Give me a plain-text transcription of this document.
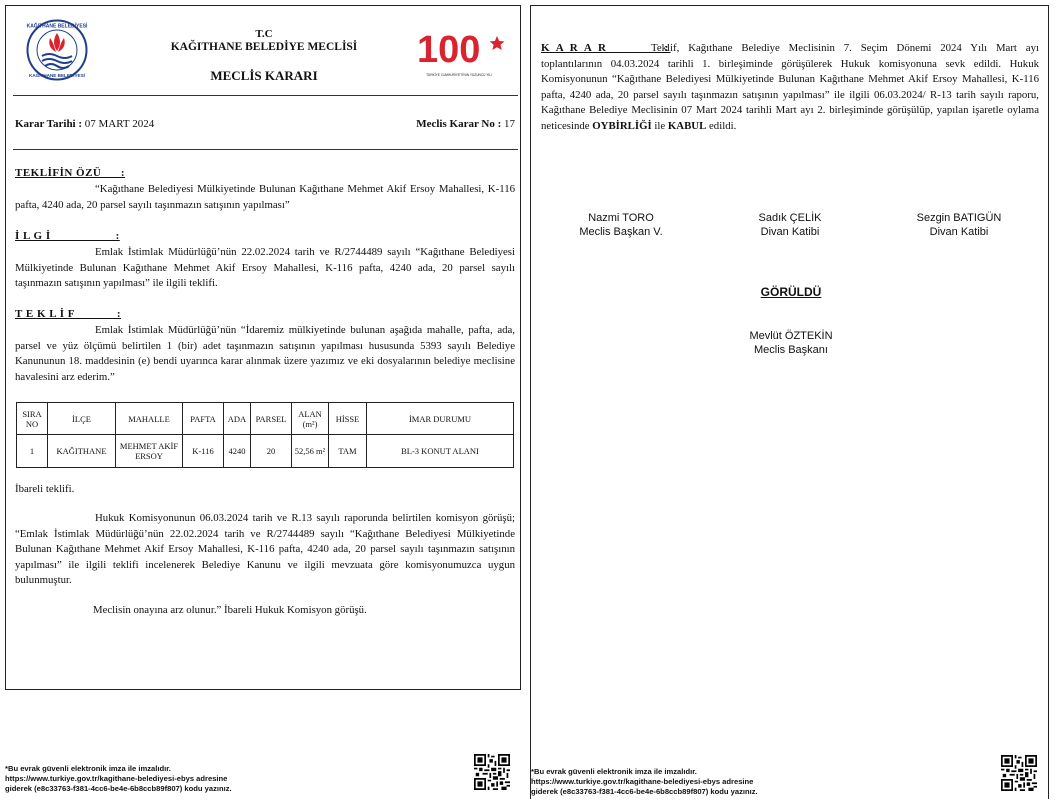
KAĞITHANE BELEDİYESİ
KAĞITHANE BELEDİYESİ
T.C
KAĞITHANE BELEDİYE MECLİSİ
MECLİS KARARI
100
TÜRKİYE CUMHURİYETİ'NİN YÜZÜNCÜ YILI
Karar Tarihi : 07 MART 2024	Meclis Karar No : 17
TEKLİFİN ÖZÜ      :

“Kağıthane Belediyesi Mülkiyetinde Bulunan Kağıthane Mehmet Akif Ersoy Mahallesi, K-116 pafta, 4240 ada, 20 parsel sayılı taşınmazın satışının yapılması”

İ L G İ                    :

Emlak İstimlak Müdürlüğü’nün 22.02.2024 tarih ve R/2744489 sayılı “Kağıthane Belediyesi Mülkiyetinde Bulunan Kağıthane Mehmet Akif Ersoy Mahallesi, K-116 pafta, 4240 ada, 20 parsel sayılı taşınmazın satışının yapılması” ile ilgili teklifi.

T E K L İ F             :

Emlak İstimlak Müdürlüğü’nün “İdaremiz mülkiyetinde bulunan aşağıda mahalle, pafta, ada, parsel ve yüz ölçümü belirtilen 1 (bir) adet taşınmazın satışının yapılması hususunda 5393 sayılı Belediye Kanununun 18. maddesinin (e) bendi uyarınca karar alınmak üzere yazımız ve eki dosyalarının belediye meclisine havalesini arz ederim.”

SIRA NO	İLÇE	MAHALLE	PAFTA	ADA	PARSEL	ALAN (m²)	HİSSE	İMAR DURUMU
1	KAĞITHANE	MEHMET AKİF ERSOY	K-116	4240	20	52,56 m²	TAM	BL-3 KONUT ALANI

İbareli teklifi.

Hukuk Komisyonunun 06.03.2024 tarih ve R.13 sayılı raporunda belirtilen komisyon görüşü; “Emlak İstimlak Müdürlüğü’nün 22.02.2024 tarih ve R/2744489 sayılı “Kağıthane Belediyesi Mülkiyetinde Bulunan Kağıthane Mehmet Akif Ersoy Mahallesi, K-116 pafta, 4240 ada, 20 parsel sayılı taşınmazın satışının yapılması” ile ilgili teklifi incelenerek Belediye Kanunu ve ilgili mevzuata göre komisyonumuzca uygun bulunmuştur.

Meclisin onayına arz olunur.” İbareli Hukuk Komisyon görüşü.

*Bu evrak güvenli elektronik imza ile imzalıdır.
https://www.turkiye.gov.tr/kagithane-belediyesi-ebys adresine
giderek (e8c33763-f381-4cc6-be4e-6b8ccb89f807) kodu yazınız.
K A R A R            :

Teklif, Kağıthane Belediye Meclisinin 7. Seçim Dönemi 2024 Yılı Mart ayı toplantılarının 04.03.2024 tarihli 1. birleşiminde görüşülerek Hukuk komisyonuna sevk edildi. Hukuk Komisyonunun “Kağıthane Belediyesi Mülkiyetinde Bulunan Kağıthane Mehmet Akif Ersoy Mahallesi, K-116 pafta, 4240 ada, 20 parsel sayılı taşınmazın satışının yapılması” ile ilgili 06.03.2024/ R-13 tarih sayılı raporu, Kağıthane Belediye Meclisinin 07 Mart 2024 tarihli Mart ayı 2. birleşiminde görüşülüp, yapılan işaretle oylama neticesinde OYBİRLİĞİ ile KABUL edildi.

Nazmi TORO
Meclis Başkan V.
Sadık ÇELİK
Divan Katibi
Sezgin BATIGÜN
Divan Katibi
GÖRÜLDÜ
Mevlüt ÖZTEKİN
Meclis Başkanı
*Bu evrak güvenli elektronik imza ile imzalıdır.
https://www.turkiye.gov.tr/kagithane-belediyesi-ebys adresine
giderek (e8c33763-f381-4cc6-be4e-6b8ccb89f807) kodu yazınız.
